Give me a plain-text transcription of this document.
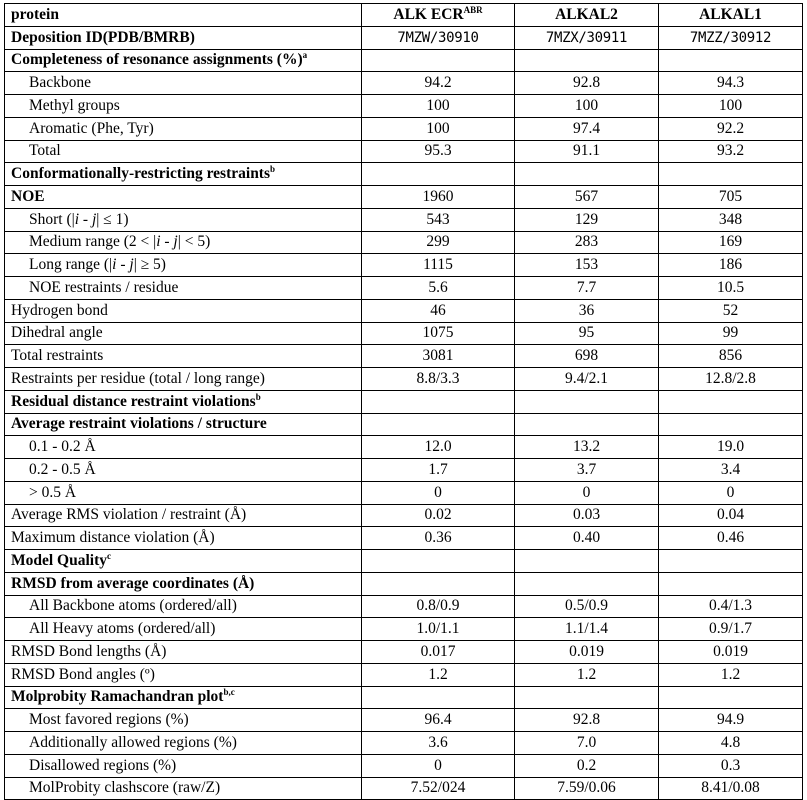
protein	ALK $ECR^{ABR}$	ALKAL2	ALKAL1
Deposition ID(PDB/BMRB)	7MZW/30910	7MZX/30911	7MZZ/30912
Completeness of resonance assignments (%)$^a$			
Backbone	94.2	92.8	94.3
Methyl groups	100	100	100
Aromatic (Phe, Tyr)	100	97.4	92.2
Total	95.3	91.1	93.2
Conformationally-restricting restraints$^b$			
NOE	1960	567	705
Short (|i - j| ≤ 1)	543	129	348
Medium range (2 < |i - j| < 5)	299	283	169
Long range (|i - j| ≥ 5)	1115	153	186
NOE restraints / residue	5.6	7.7	10.5
Hydrogen bond	46	36	52
Dihedral angle	1075	95	99
Total restraints	3081	698	856
Restraints per residue (total / long range)	8.8/3.3	9.4/2.1	12.8/2.8
Residual distance restraint violations$^b$			
Average restraint violations / structure			
0.1 - 0.2 Å	12.0	13.2	19.0
0.2 - 0.5 Å	1.7	3.7	3.4
> 0.5 Å	0	0	0
Average RMS violation / restraint (Å)	0.02	0.03	0.04
Maximum distance violation (Å)	0.36	0.40	0.46
Model Quality$^c$			
RMSD from average coordinates (Å)			
All Backbone atoms (ordered/all)	0.8/0.9	0.5/0.9	0.4/1.3
All Heavy atoms (ordered/all)	1.0/1.1	1.1/1.4	0.9/1.7
RMSD Bond lengths (Å)	0.017	0.019	0.019
RMSD Bond angles (º)	1.2	1.2	1.2
Molprobity Ramachandran plot$^{b,c}$			
Most favored regions (%)	96.4	92.8	94.9
Additionally allowed regions (%)	3.6	7.0	4.8
Disallowed regions (%)	0	0.2	0.3
MolProbity clashscore (raw/Z)	7.52/024	7.59/0.06	8.41/0.08
